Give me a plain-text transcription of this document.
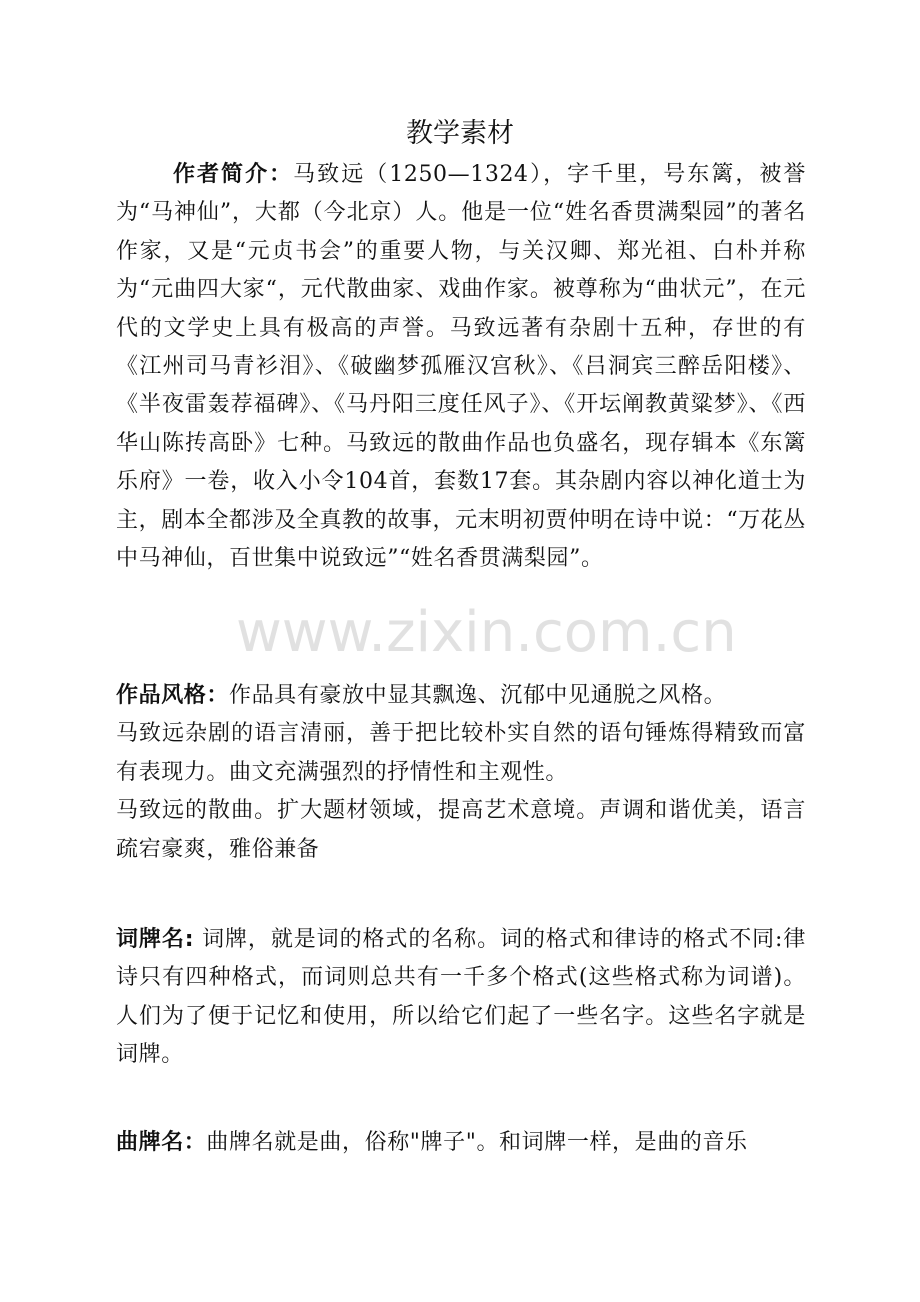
教学素材

作者简介：马致远（1250—1324），字千里，号东篱，被誉为“马神仙”，大都（今北京）人。他是一位“姓名香贯满梨园”的著名作家，又是“元贞书会”的重要人物，与关汉卿、郑光祖、白朴并称为“元曲四大家“，元代散曲家、戏曲作家。被尊称为“曲状元”，在元代的文学史上具有极高的声誉。马致远著有杂剧十五种，存世的有《江州司马青衫泪》、《破幽梦孤雁汉宫秋》、《吕洞宾三醉岳阳楼》、《半夜雷轰荐福碑》、《马丹阳三度任风子》、《开坛阐教黄粱梦》、《西华山陈抟高卧》七种。马致远的散曲作品也负盛名，现存辑本《东篱乐府》一卷，收入小令104首，套数17套。其杂剧内容以神化道士为主，剧本全都涉及全真教的故事，元末明初贾仲明在诗中说：“万花丛中马神仙，百世集中说致远”“姓名香贯满梨园”。

作品风格：作品具有豪放中显其飘逸、沉郁中见通脱之风格。

马致远杂剧的语言清丽，善于把比较朴实自然的语句锤炼得精致而富有表现力。曲文充满强烈的抒情性和主观性。

马致远的散曲。扩大题材领域，提高艺术意境。声调和谐优美，语言疏宕豪爽，雅俗兼备

词牌名: 词牌，就是词的格式的名称。词的格式和律诗的格式不同:律诗只有四种格式，而词则总共有一千多个格式(这些格式称为词谱)。人们为了便于记忆和使用，所以给它们起了一些名字。这些名字就是词牌。

曲牌名：曲牌名就是曲，俗称"牌子"。和词牌一样，是曲的音乐

www.zixin.com.cn
